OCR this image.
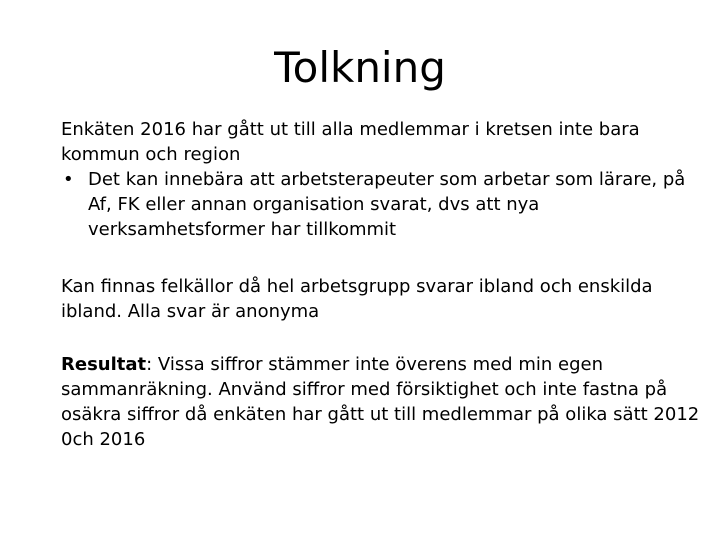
Tolkning

Enkäten 2016 har gått ut till alla medlemmar i kretsen inte bara kommun och region

• Det kan innebära att arbetsterapeuter som arbetar som lärare, på Af, FK eller annan organisation svarat, dvs att nya verksamhetsformer har tillkommit

Kan finnas felkällor då hel arbetsgrupp svarar ibland och enskilda ibland. Alla svar är anonyma

Resultat: Vissa siffror stämmer inte överens med min egen sammanräkning. Använd siffror med försiktighet och inte fastna på osäkra siffror då enkäten har gått ut till medlemmar på olika sätt 2012 0ch 2016
